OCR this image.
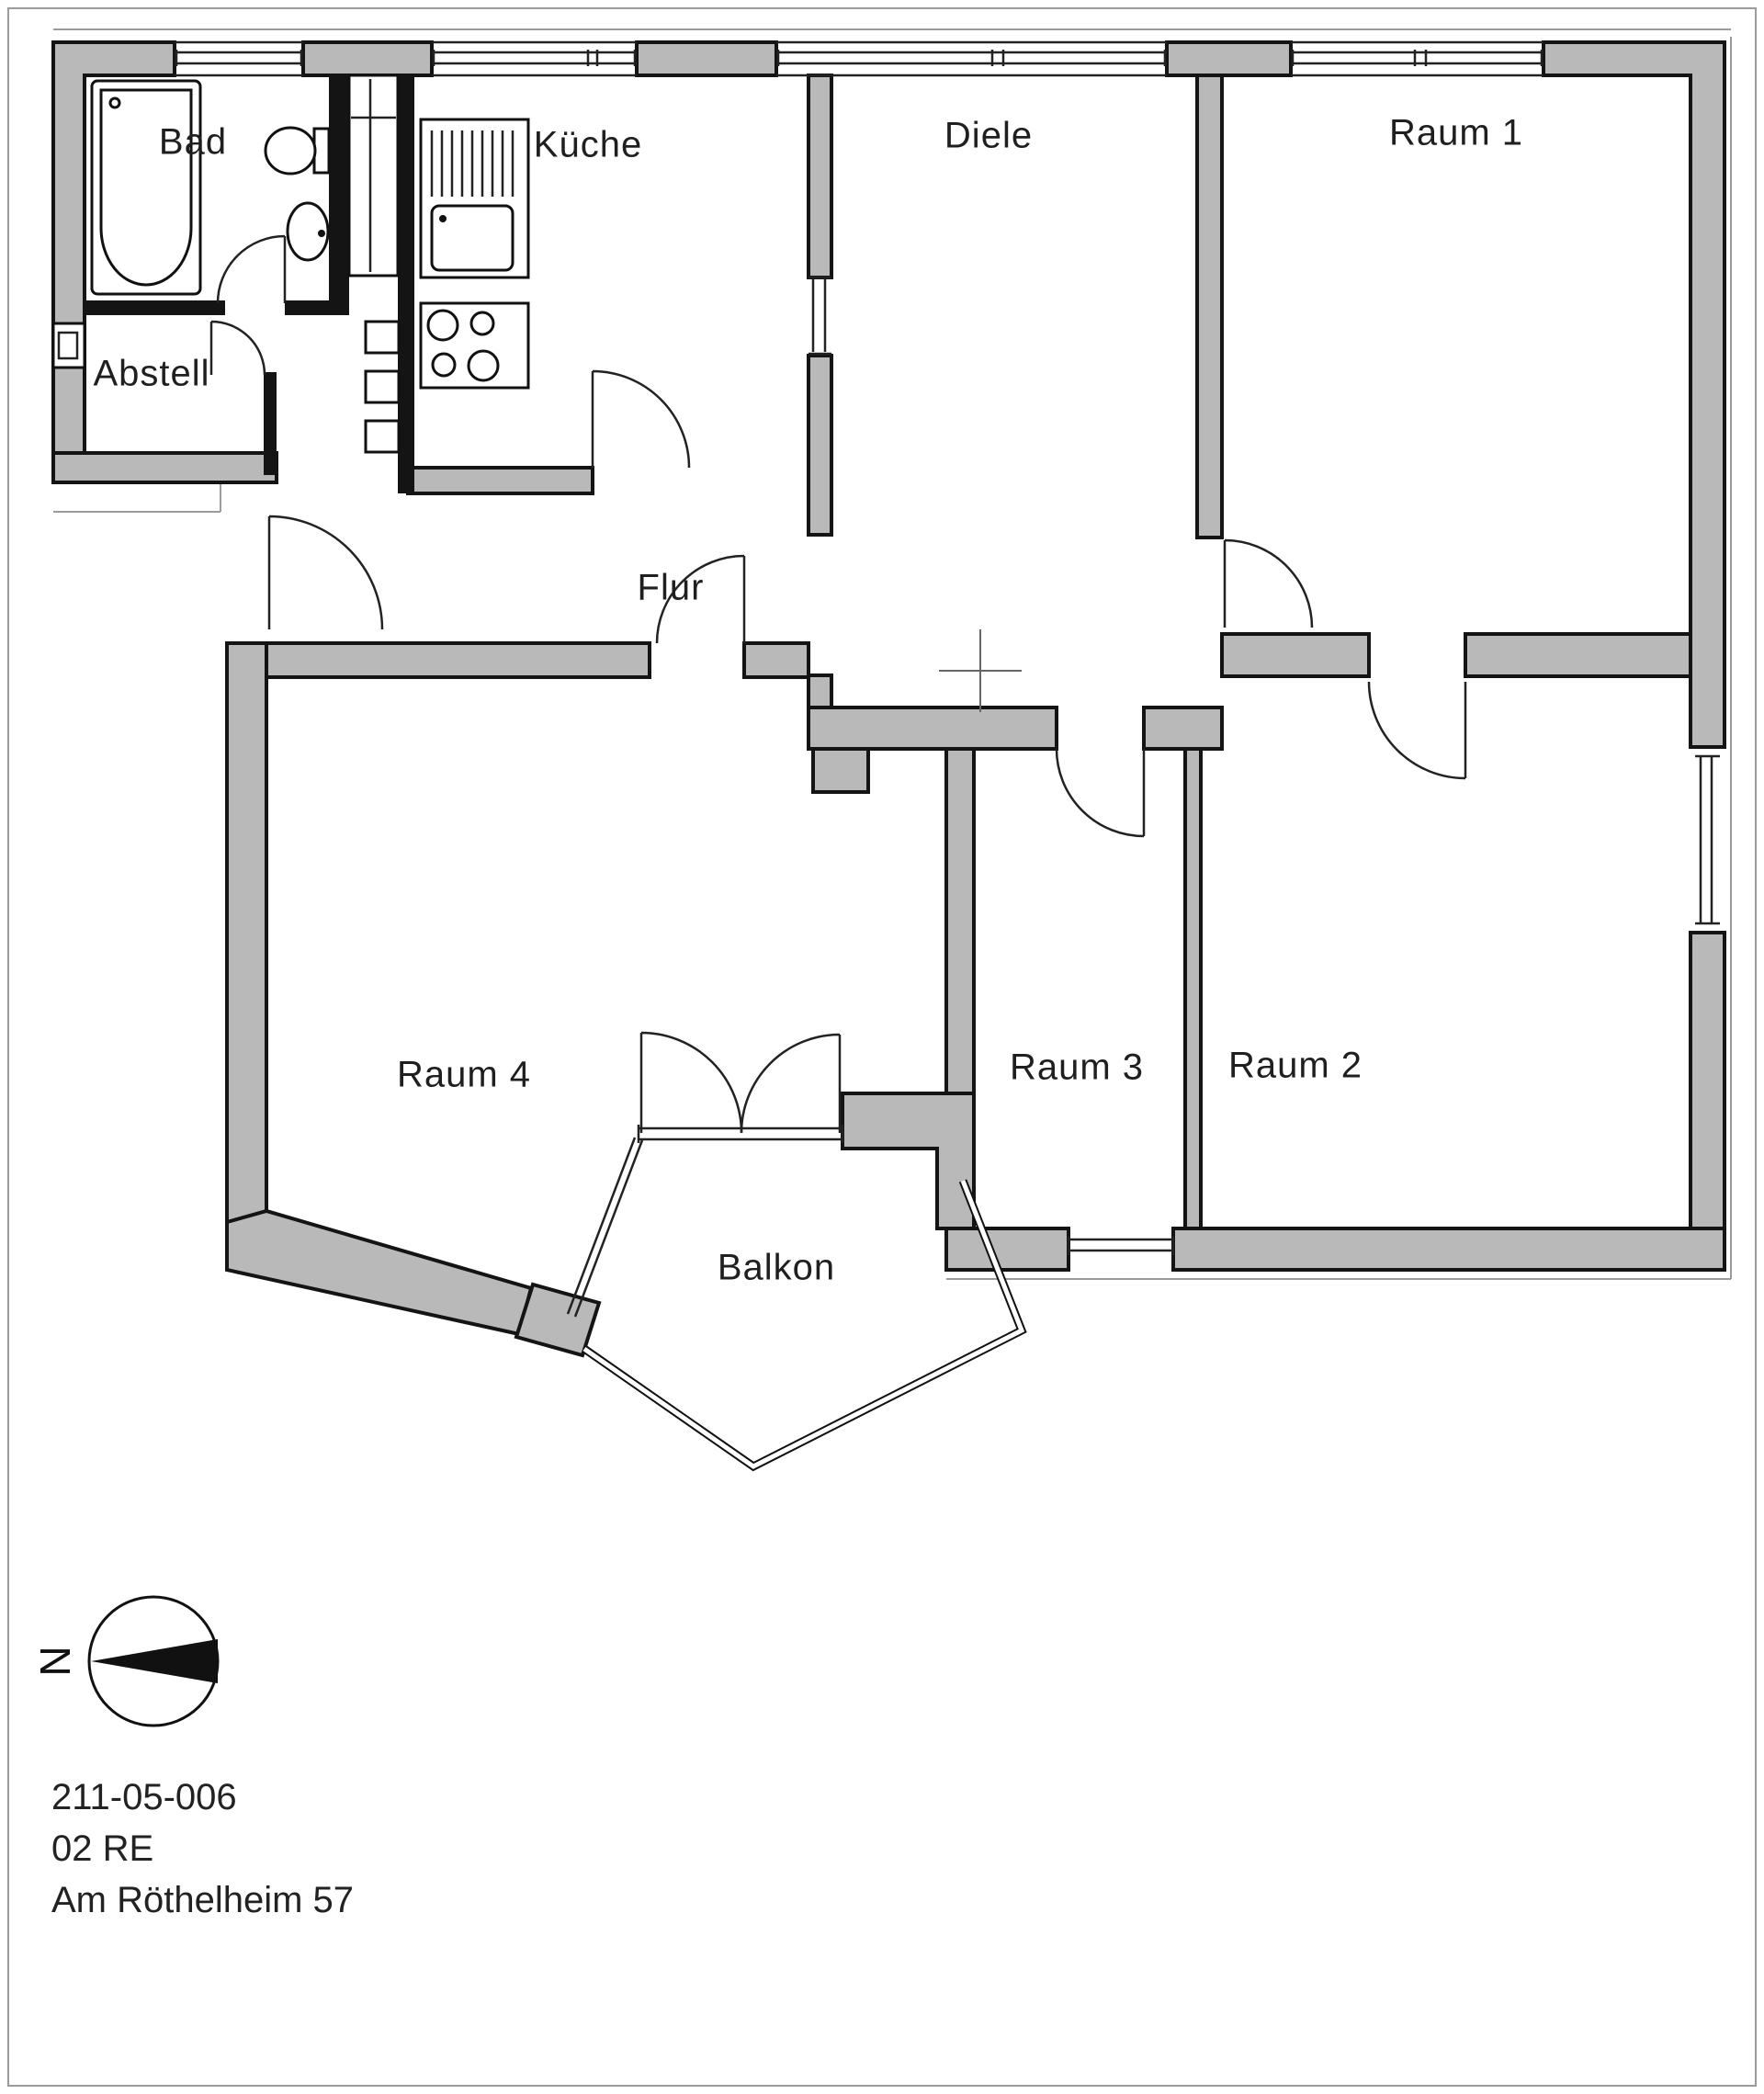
Bad	Küche	Diele	Raum 1
Abstell
Flur
Raum 4	Raum 3 Raum 2
Balkon
N
211-05-006
02 RE
Am Röthelheim 57
